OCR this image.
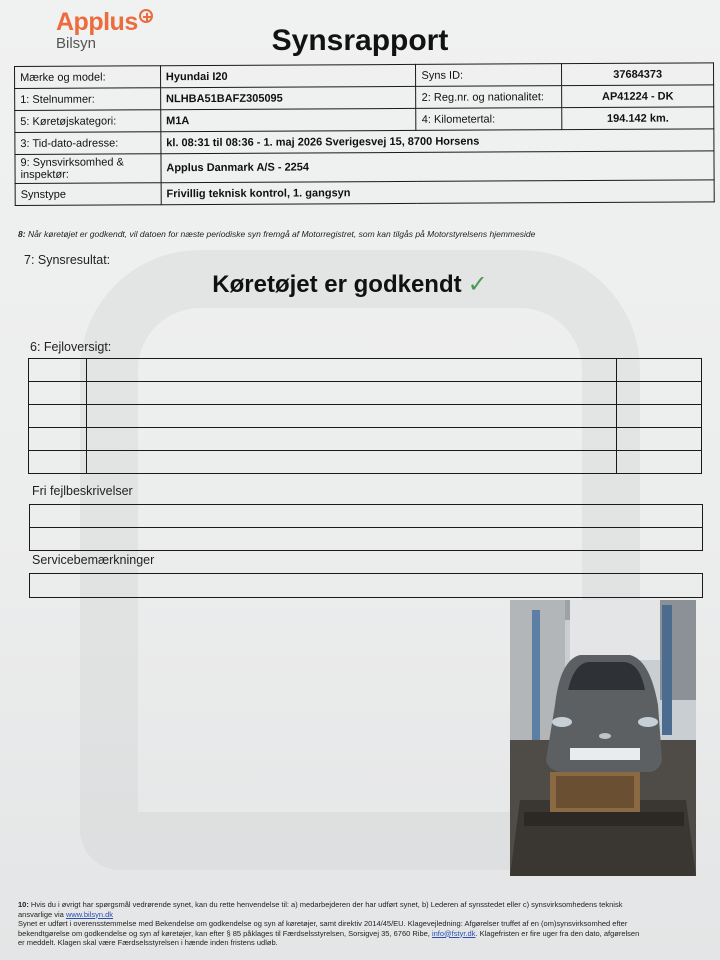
Applus
Bilsyn	Synsrapport
Mærke og model:	Hyundai I20	Syns ID:	37684373
1: Stelnummer:	NLHBA51BAFZ305095	2: Reg.nr. og nationalitet:	AP41224 - DK
5: Køretøjskategori:	M1A	4: Kilometertal:	194.142 km.
3: Tid-dato-adresse:	kl. 08:31 til 08:36 - 1. maj 2026 Sverigesvej 15, 8700 Horsens		
9: Synsvirksomhed & inspektør:	Applus Danmark A/S - 2254		
Synstype	Frivillig teknisk kontrol, 1. gangsyn		
8: Når køretøjet er godkendt, vil datoen for næste periodiske syn fremgå af Motorregistret, som kan tilgås på Motorstyrelsens hjemmeside
7: Synsresultat:
Køretøjet er godkendt ✓
6: Fejloversigt:

Fri fejlbeskrivelser
Servicebemærkninger
10: Hvis du i øvrigt har spørgsmål vedrørende synet, kan du rette henvendelse til: a) medarbejderen der har udført synet, b) Lederen af synsstedet eller c) synsvirksomhedens teknisk
ansvarlige via www.bilsyn.dk
Synet er udført i overensstemmelse med Bekendelse om godkendelse og syn af køretøjer, samt direktiv 2014/45/EU. Klagevejledning: Afgørelser truffet af en (om)synsvirksomhed efter
bekendtgørelse om godkendelse og syn af køretøjer, kan efter § 85 påklages til Færdselsstyrelsen, Sorsigvej 35, 6760 Ribe, info@fstyr.dk. Klagefristen er fire uger fra den dato, afgørelsen
er meddelt. Klagen skal være Færdselsstyrelsen i hænde inden fristens udløb.
